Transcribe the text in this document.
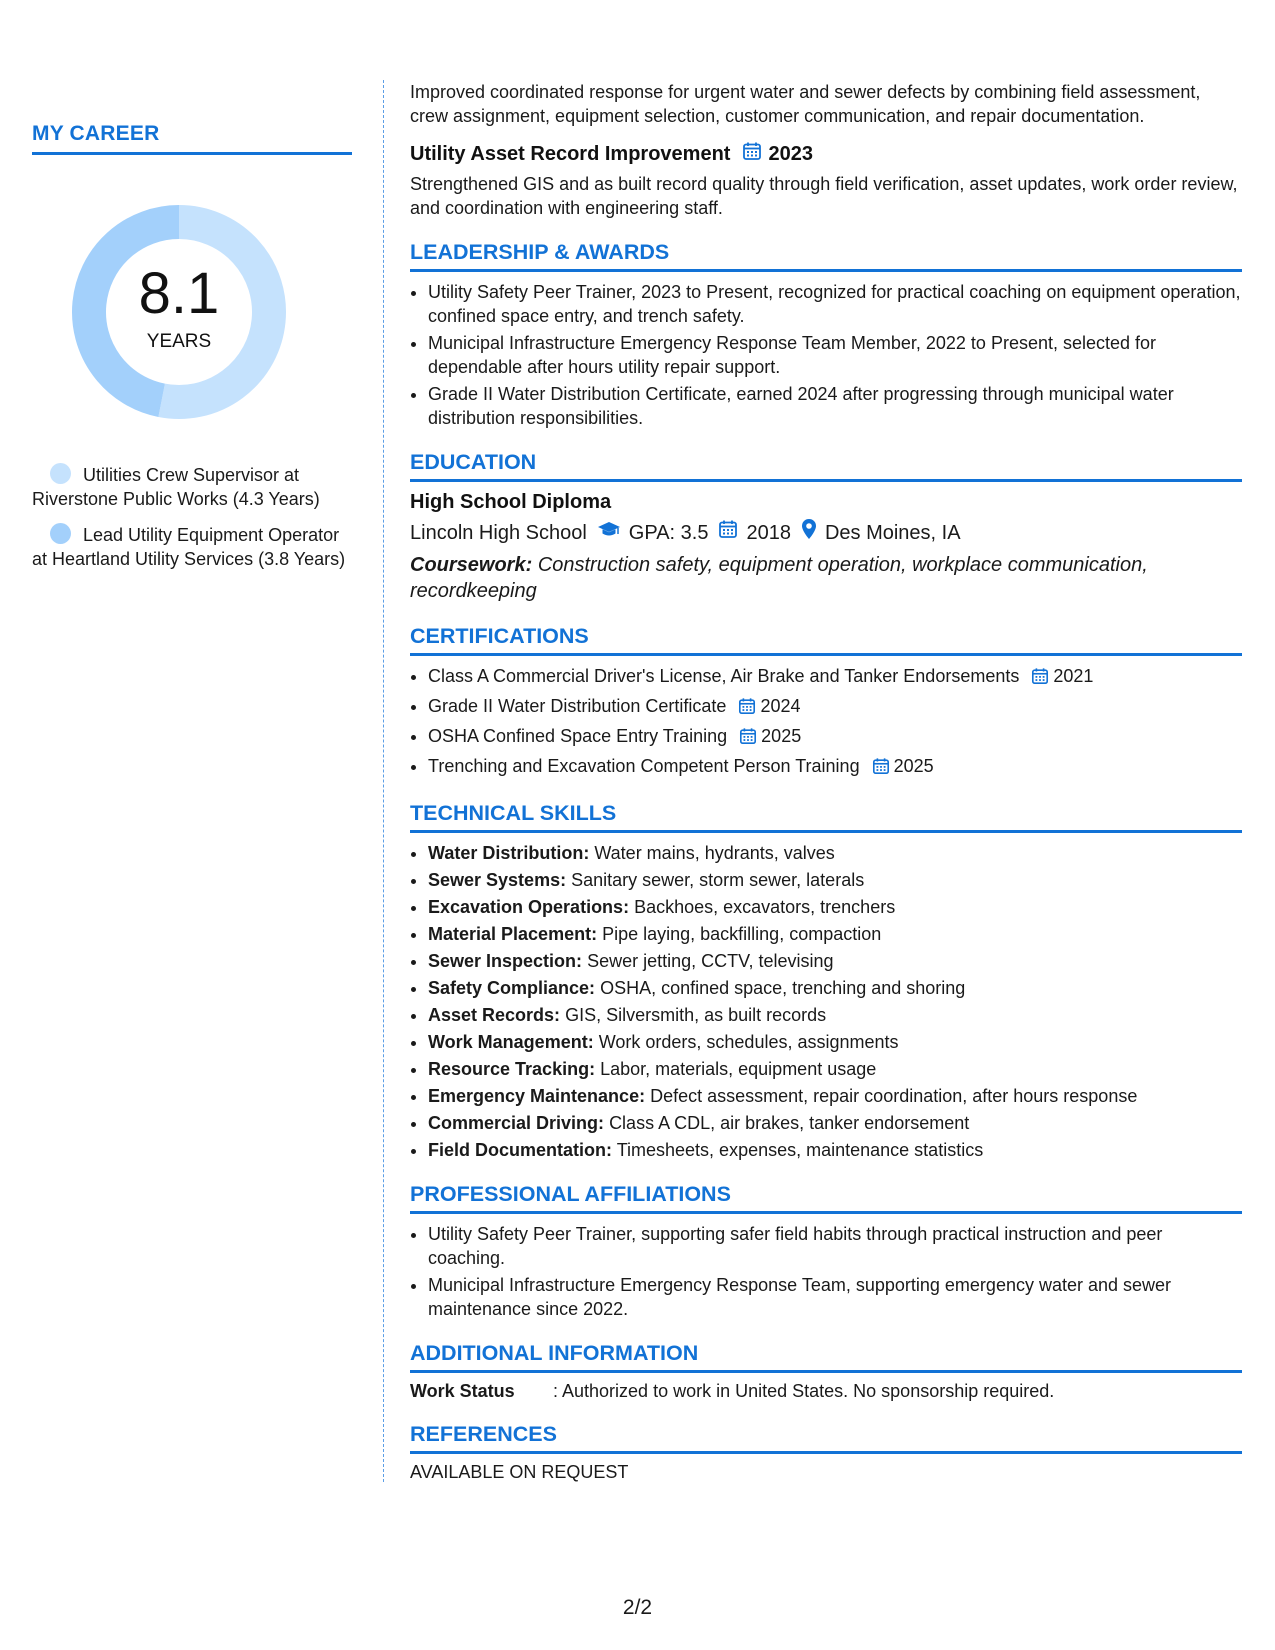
MY CAREER
8.1
YEARS
Utilities Crew Supervisor at Riverstone Public Works (4.3 Years)
Lead Utility Equipment Operator at Heartland Utility Services (3.8 Years)

Improved coordinated response for urgent water and sewer defects by combining field assessment, crew assignment, equipment selection, customer communication, and repair documentation.

Utility Asset Record Improvement 2023

Strengthened GIS and as built record quality through field verification, asset updates, work order review, and coordination with engineering staff.

LEADERSHIP & AWARDS
• Utility Safety Peer Trainer, 2023 to Present, recognized for practical coaching on equipment operation, confined space entry, and trench safety.
• Municipal Infrastructure Emergency Response Team Member, 2022 to Present, selected for dependable after hours utility repair support.
• Grade II Water Distribution Certificate, earned 2024 after progressing through municipal water distribution responsibilities.
EDUCATION
High School Diploma
Lincoln High School GPA: 3.5 2018 Des Moines, IA
Coursework: Construction safety, equipment operation, workplace communication, recordkeeping
CERTIFICATIONS
• Class A Commercial Driver's License, Air Brake and Tanker Endorsements 2021
• Grade II Water Distribution Certificate 2024
• OSHA Confined Space Entry Training 2025
• Trenching and Excavation Competent Person Training 2025
TECHNICAL SKILLS
• Water Distribution: Water mains, hydrants, valves
• Sewer Systems: Sanitary sewer, storm sewer, laterals
• Excavation Operations: Backhoes, excavators, trenchers
• Material Placement: Pipe laying, backfilling, compaction
• Sewer Inspection: Sewer jetting, CCTV, televising
• Safety Compliance: OSHA, confined space, trenching and shoring
• Asset Records: GIS, Silversmith, as built records
• Work Management: Work orders, schedules, assignments
• Resource Tracking: Labor, materials, equipment usage
• Emergency Maintenance: Defect assessment, repair coordination, after hours response
• Commercial Driving: Class A CDL, air brakes, tanker endorsement
• Field Documentation: Timesheets, expenses, maintenance statistics
PROFESSIONAL AFFILIATIONS
• Utility Safety Peer Trainer, supporting safer field habits through practical instruction and peer coaching.
• Municipal Infrastructure Emergency Response Team, supporting emergency water and sewer maintenance since 2022.
ADDITIONAL INFORMATION
Work Status	: Authorized to work in United States. No sponsorship required.
REFERENCES
AVAILABLE ON REQUEST
2/2
